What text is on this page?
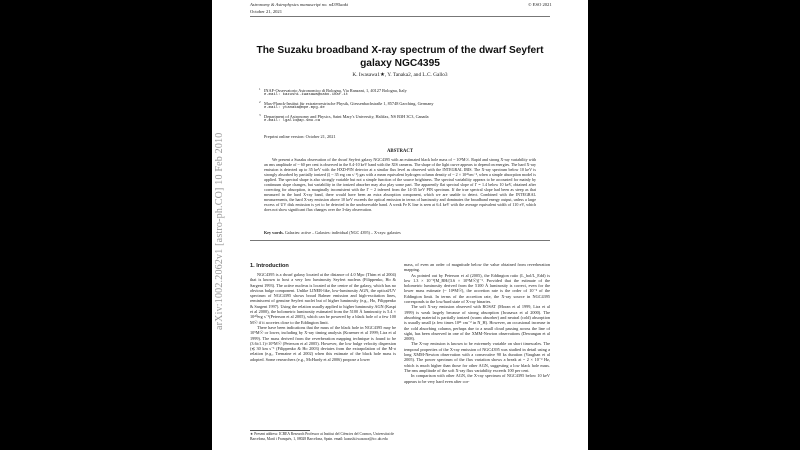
Astronomy & Astrophysics manuscript no. n4395aaki
October 21, 2021
© ESO 2021
The Suzaku broadband X-ray spectrum of the dwarf Seyfert galaxy NGC4395
K. Iwasawa1★, Y. Tanaka2, and L.C. Gallo3
1 INAF-Osservatorio Astronomico di Bologna, Via Ranzani, 1, 40127 Bologna, Italy
e-mail: kazushi.iwasawa@oabo.inaf.it
2 Max-Planck-Institut für extraterrestrische Physik, Giessenbachstraße 1, 85748 Garching, Germany
e-mail: ytanaka@mpe.mpg.de
3 Department of Astronomy and Physics, Saint Mary's University, Halifax, NS B3H 3C3, Canada
e-mail: lgallo@ap.smu.ca
Preprint online version: October 21, 2021
ABSTRACT
We present a Suzaku observation of the dwarf Seyfert galaxy NGC4395 with an estimated black hole mass of ~ 10⁵M☉. Rapid and strong X-ray variability with an rms amplitude of ~ 60 per cent is observed in the 0.4-10 keV band with the XIS cameras. The shape of the light curve appears to depend on energies. The hard X-ray emission is detected up to 35 keV with the HXD-PIN detector at a similar flux level as observed with the INTEGRAL IBIS. The X-ray spectrum below 10 keV is strongly absorbed by partially ionized (ξ ~ 35 erg cm s⁻¹) gas with a mean equivalent hydrogen column density of ~ 2 × 10²²cm⁻², when a simple absorption model is applied. The spectral shape is also strongly variable but not a simple function of the source brightness. The spectral variability appears to be accounted for mainly by continuum slope changes, but variability in the ionized absorber may also play some part. The apparently flat spectral slope of Γ = 1.4 below 10 keV, obtained after correcting for absorption, is marginally inconsistent with the Γ ~ 2 inferred from the 14-35 keV PIN spectrum. If the true spectral slope had been as steep as that measured in the hard X-ray band, there would have been an extra absorption component, which we are unable to detect. Combined with the INTEGRAL measurements, the hard X-ray emission above 10 keV exceeds the optical emission in terms of luminosity and dominates the broadband energy output, unless a large excess of UV disk emission is yet to be detected in the unobservable band. A weak Fe K line is seen at 6.4 keV with the average equivalent width of 110 eV, which does not show significant flux changes over the 3-day observation.
Key words. Galaxies: active – Galaxies: individual (NGC 4395) – X-rays: galaxies
1. Introduction

NGC4395 is a dwarf galaxy located at the distance of 4.0 Mpc (Thim et al 2004) that is known to host a very low luminosity Seyfert nucleus (Filippenko, Ho & Sargent 1993). The active nucleus is located at the centre of the galaxy, which has no obvious bulge component. Unlike LINER-like, low-luminosity AGN, the optical/UV spectrum of NGC4395 shows broad Balmer emission and high-excitation lines, reminiscent of genuine Seyfert nuclei but of higher luminosity (e.g., Ho, Filippenko & Sargent 1997). Using the relation usually applied to higher luminosity AGN (Kaspi et al 2000), the bolometric luminosity estimated from the 5100 Å luminosity is 5.4 × 10⁴⁰erg s⁻¹(Peterson et al 2005), which can be powered by a black hole of a few 100 M☉ if it accretes close to the Eddington limit.

There have been indications that the mass of the black hole in NGC4395 may be 10⁵M☉ or lower, including by X-ray timing analysis (Kraemer et al 1999; Lira et al 1999). The mass derived from the reverberation mapping technique is found to be (3.6±1.1)×10⁵M☉ (Peterson et al 2005). However, the low bulge velocity dispersion (≲ 30 km s⁻¹ (Filippenko & Ho 2003) deviates from the extrapolation of the M-σ relation (e.g., Tremaine et al 2002) when this estimate of the black hole mass is adopted. Some researchers (e.g., McHardy et al 2006) propose a lower

mass, of even an order of magnitude below the value obtained from reverberation mapping.

As pointed out by Peterson et al (2005), the Eddington ratio (L_bol/L_Edd) is low 1.3 × 10⁻³[M_BH/(3.6 × 10⁵M☉)]⁻¹. Provided that the estimate of the bolometric luminosity derived from the 5100 Å luminosity is correct, even for the lower mass estimate (~ 10⁴M☉), the accretion rate is the order of 10⁻² of the Eddington limit. In terms of the accretion rate, the X-ray source in NGC4395 corresponds to the low/hard state of X-ray binaries.

The soft X-ray emission observed with ROSAT (Moran et al 1999, Lira et al 1999) is weak largely because of strong absorption (Iwasawa et al 2000). The absorbing material is partially ionized (warm absorber) and neutral (cold) absorption is usually small (a few times 10²¹ cm⁻² in N_H). However, an occasional increase in the cold absorbing column, perhaps due to a small cloud passing across the line of sight, has been observed in one of the XMM-Newton observations (Dewangan et al 2008).

The X-ray emission is known to be extremely variable on short timescales. The temporal properties of the X-ray emission of NGC4395 was studied in detail using a long XMM-Newton observation with a consecutive 90 ks duration (Vaughan et al 2005). The power spectrum of the flux variation shows a break at ~ 2 × 10⁻³ Hz, which is much higher than those for other AGN, suggesting a low black hole mass. The rms amplitude of the soft X-ray flux variability exceeds 100 per cent.

In comparison with other AGN, the X-ray spectrum of NGC4395 below 10 keV appears to be very hard even after cor-

★ Present address: ICREA Research Professor at Institut del Ciències del Cosmos, Universitat de Barcelona, Martí i Franquès, 1, 08028 Barcelona, Spain. email: kazushi.iwasawa@icc.ub.edu
arXiv:1002.2062v1 [astro-ph.CO] 10 Feb 2010
